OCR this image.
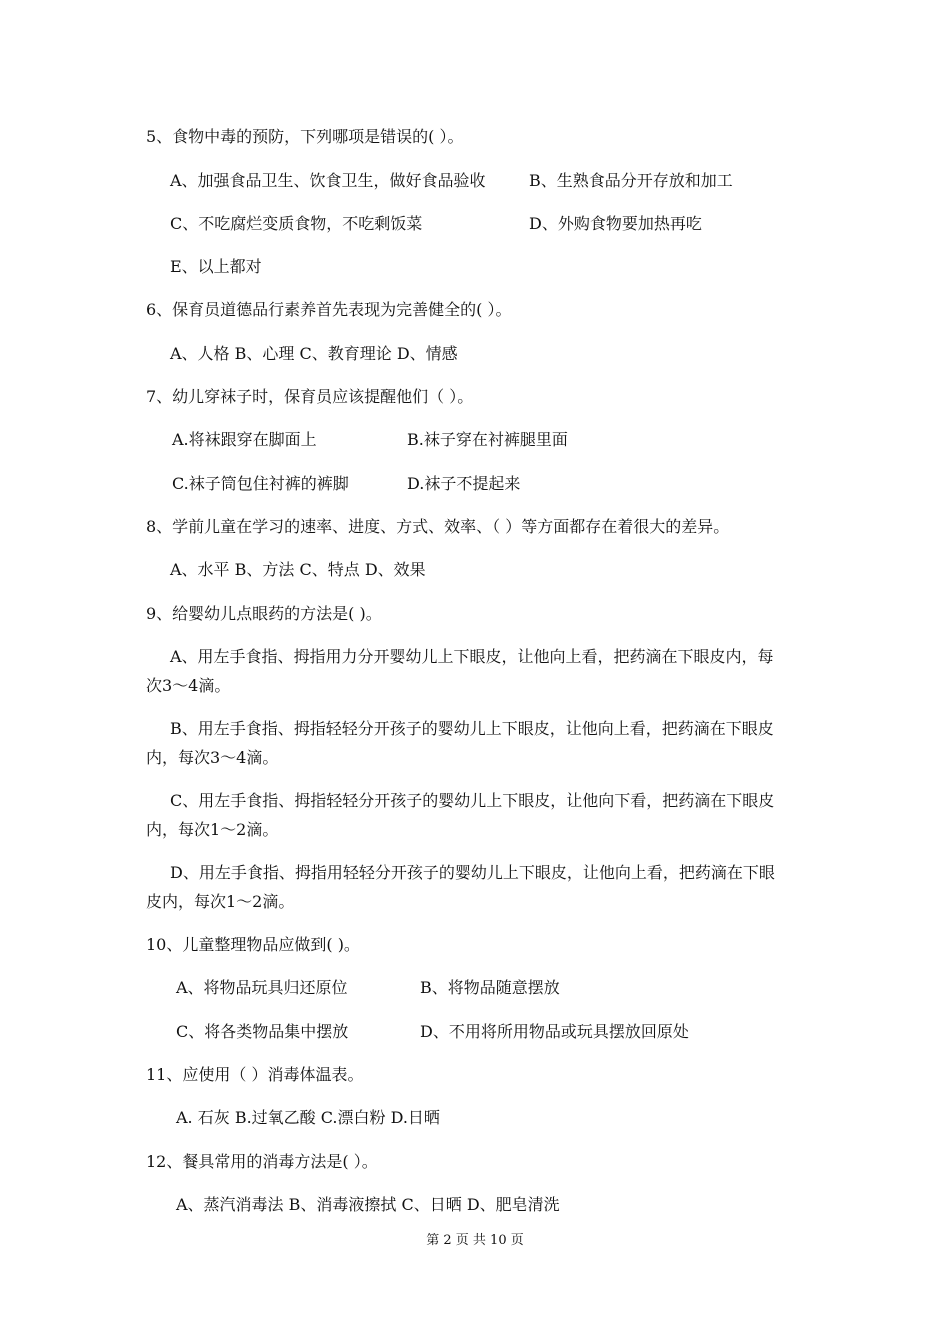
5、食物中毒的预防，下列哪项是错误的( ）。
A、加强食品卫生、饮食卫生，做好食品验收	B、生熟食品分开存放和加工
C、不吃腐烂变质食物，不吃剩饭菜	D、外购食物要加热再吃
E、以上都对
6、保育员道德品行素养首先表现为完善健全的( ）。
A、人格 B、心理 C、教育理论 D、情感
7、幼儿穿袜子时，保育员应该提醒他们（ ）。
A.将袜跟穿在脚面上	B.袜子穿在衬裤腿里面
C.袜子筒包住衬裤的裤脚	D.袜子不提起来
8、学前儿童在学习的速率、进度、方式、效率、（ ）等方面都存在着很大的差异。
A、水平 B、方法 C、特点 D、效果
9、给婴幼儿点眼药的方法是( )。
A、用左手食指、拇指用力分开婴幼儿上下眼皮，让他向上看，把药滴在下眼皮内，每
次3～4滴。
B、用左手食指、拇指轻轻分开孩子的婴幼儿上下眼皮，让他向上看，把药滴在下眼皮
内，每次3～4滴。
C、用左手食指、拇指轻轻分开孩子的婴幼儿上下眼皮，让他向下看，把药滴在下眼皮
内，每次1～2滴。
D、用左手食指、拇指用轻轻分开孩子的婴幼儿上下眼皮，让他向上看，把药滴在下眼
皮内，每次1～2滴。
10、儿童整理物品应做到( )。
A、将物品玩具归还原位	B、将物品随意摆放
C、将各类物品集中摆放	D、不用将所用物品或玩具摆放回原处
11、应使用（ ）消毒体温表。
A. 石灰 B.过氧乙酸 C.漂白粉 D.日晒
12、餐具常用的消毒方法是( ）。
A、蒸汽消毒法 B、消毒液擦拭 C、日晒 D、肥皂清洗
第 2 页 共 10 页
